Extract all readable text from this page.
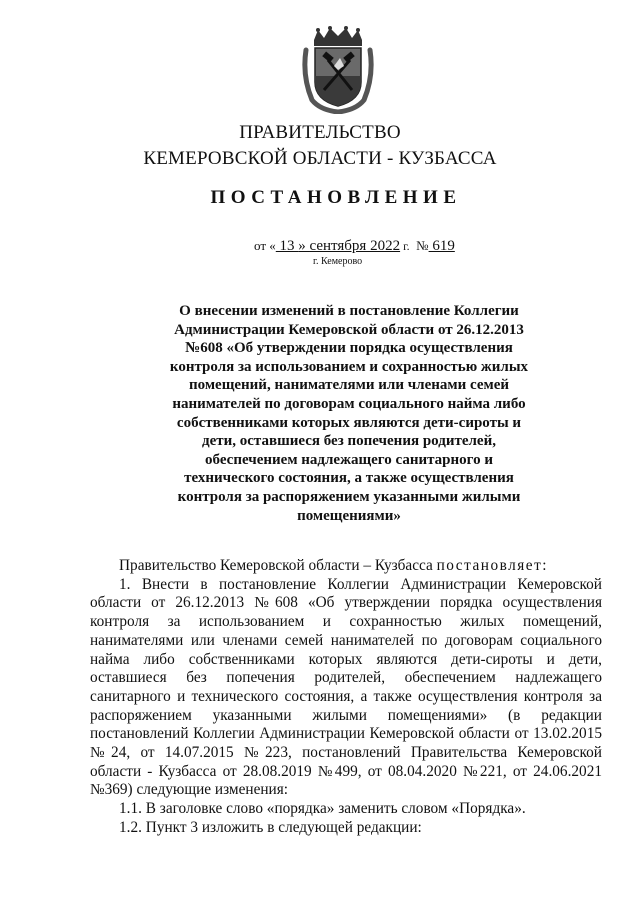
ПРАВИТЕЛЬСТВО
КЕМЕРОВСКОЙ ОБЛАСТИ - КУЗБАССА
ПОСТАНОВЛЕНИЕ
от « 13 » сентября 2022 г. № 619
г. Кемерово
О внесении изменений в постановление Коллегии Администрации Кемеровской области от 26.12.2013 №608 «Об утверждении порядка осуществления контроля за использованием и сохранностью жилых помещений, нанимателями или членами семей нанимателей по договорам социального найма либо собственниками которых являются дети-сироты и дети, оставшиеся без попечения родителей, обеспечением надлежащего санитарного и технического состояния, а также осуществления контроля за распоряжением указанными жилыми помещениями»

Правительство Кемеровской области – Кузбасса постановляет:

1. Внести в постановление Коллегии Администрации Кемеровской области от 26.12.2013 №608 «Об утверждении порядка осуществления контроля за использованием и сохранностью жилых помещений, нанимателями или членами семей нанимателей по договорам социального найма либо собственниками которых являются дети-сироты и дети, оставшиеся без попечения родителей, обеспечением надлежащего санитарного и технического состояния, а также осуществления контроля за распоряжением указанными жилыми помещениями» (в редакции постановлений Коллегии Администрации Кемеровской области от 13.02.2015 №24, от 14.07.2015 №223, постановлений Правительства Кемеровской области - Кузбасса от 28.08.2019 №499, от 08.04.2020 №221, от 24.06.2021 №369) следующие изменения:

1.1. В заголовке слово «порядка» заменить словом «Порядка».

1.2. Пункт 3 изложить в следующей редакции:
